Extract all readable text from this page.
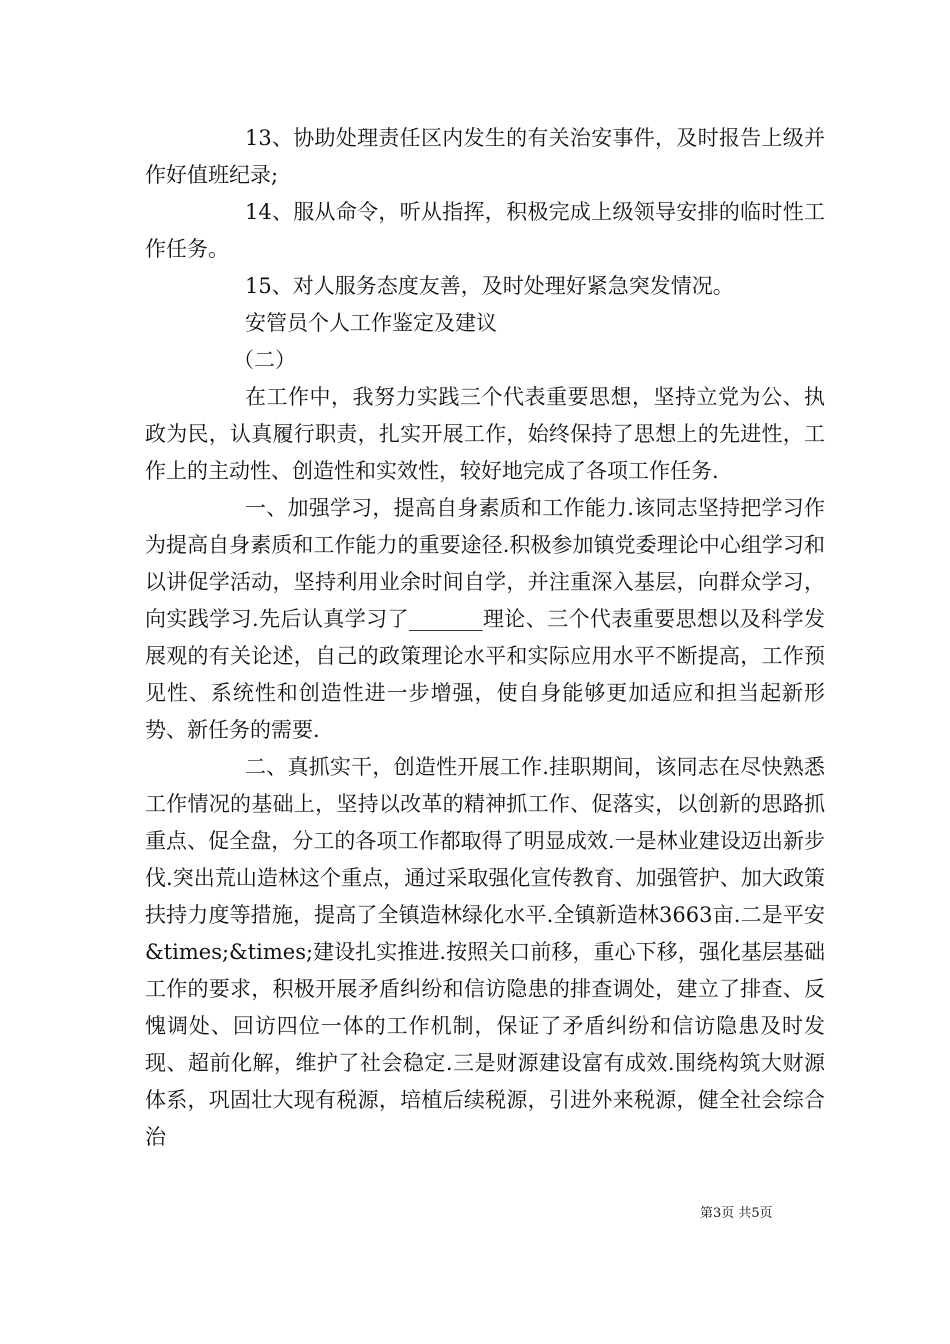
13、协助处理责任区内发生的有关治安事件，及时报告上级并作好值班纪录;

14、服从命令，听从指挥，积极完成上级领导安排的临时性工作任务。

15、对人服务态度友善，及时处理好紧急突发情况。

安管员个人工作鉴定及建议

（二）

在工作中，我努力实践三个代表重要思想，坚持立党为公、执政为民，认真履行职责，扎实开展工作，始终保持了思想上的先进性，工作上的主动性、创造性和实效性，较好地完成了各项工作任务.

一、加强学习，提高自身素质和工作能力.该同志坚持把学习作为提高自身素质和工作能力的重要途径.积极参加镇党委理论中心组学习和以讲促学活动，坚持利用业余时间自学，并注重深入基层，向群众学习，向实践学习.先后认真学习了_______理论、三个代表重要思想以及科学发展观的有关论述，自己的政策理论水平和实际应用水平不断提高，工作预见性、系统性和创造性进一步增强，使自身能够更加适应和担当起新形势、新任务的需要.

二、真抓实干，创造性开展工作.挂职期间，该同志在尽快熟悉工作情况的基础上，坚持以改革的精神抓工作、促落实，以创新的思路抓重点、促全盘，分工的各项工作都取得了明显成效.一是林业建设迈出新步伐.突出荒山造林这个重点，通过采取强化宣传教育、加强管护、加大政策扶持力度等措施，提高了全镇造林绿化水平.全镇新造林3663亩.二是平安&times;&times;建设扎实推进.按照关口前移，重心下移，强化基层基础工作的要求，积极开展矛盾纠纷和信访隐患的排查调处，建立了排查、反愧调处、回访四位一体的工作机制，保证了矛盾纠纷和信访隐患及时发现、超前化解，维护了社会稳定.三是财源建设富有成效.围绕构筑大财源体系，巩固壮大现有税源，培植后续税源，引进外来税源，健全社会综合治

第3页 共5页
